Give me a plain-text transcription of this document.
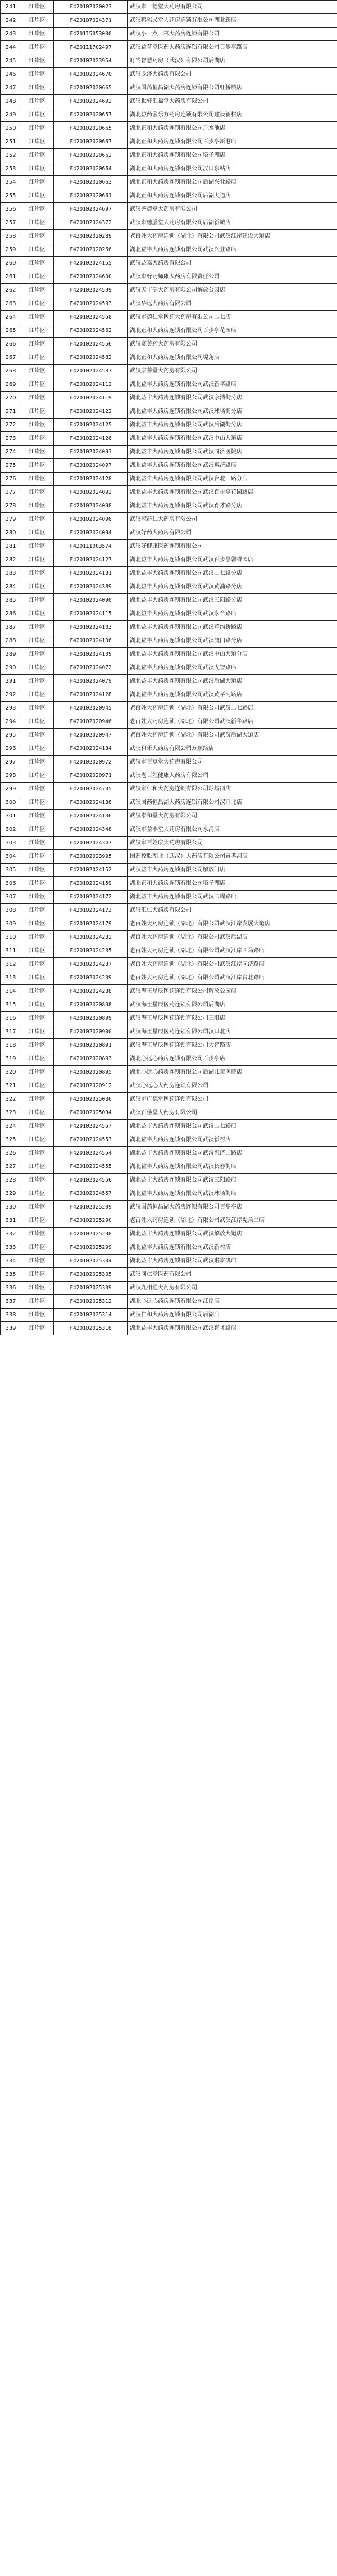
241	江岸区	F420102020023	武汉市一德堂大药房有限公司
242	江岸区	F420107024371	武汉鸭玛民堂大药房连锁有限公司湖北新店
243	江岸区	F420115053000	武汉小一点一林大药房连锁有限公司
244	江岸区	F420111702497	武汉益草堂医药大药房连锁有限公司百步亭路店
245	江岸区	F420102023954	叮当智慧药房（武汉）有限公司后湖店
246	江岸区	F420102024670	武汉龙泽大药房有限公司
247	江岸区	F420102020665	武汉国药恒昌湖大药房连锁有限公司红桥城店
248	江岸区	F420102024692	武汉世轩汇福堂大药房有限公司
249	江岸区	F420102020657	湖北益药金乐方药房连锁有限公司建设新村店
250	江岸区	F420102020665	湖北正和大药房连锁有限公司丹水池店
251	江岸区	F420102020667	湖北正和大药房连锁有限公司百步亭新港店
252	江岸区	F420102020662	湖北正和大药房连锁有限公司塔子湖店
253	江岸区	F420102020664	湖北正和大药房连锁有限公司汉口东站店
254	江岸区	F420102020663	湖北正和大药房连锁有限公司后湖兴业路店
255	江岸区	F420102020661	湖北正和大药房连锁有限公司后湖大道店
256	江岸区	F420102024697	武汉善德堂大药房有限公司
257	江岸区	F420102024372	武汉市德膳堂大药房有限公司后湖新城店
258	江岸区	F420102020289	老百姓大药房连锁（湖北）有限公司武汉江岸建设大道店
259	江岸区	F420102020266	湖北益丰大药房连锁有限公司武汉兴业路店
260	江岸区	F420102024155	武汉益嘉大药房有限公司
261	江岸区	F420102024600	武汉市好药师康大药房有限责任公司
262	江岸区	F420102024599	武汉天丰健大药房有限公司解放公园店
263	江岸区	F420102024593	武汉华远大药房有限公司
264	江岸区	F420102024558	武汉市德仁堂医药大药房有限公司二七店
265	江岸区	F420102024562	湖北正和大药房连锁有限公司百步亭花园店
266	江岸区	F420102024556	武汉赛美药大药房有限公司
267	江岸区	F420102024582	湖北正和大药房连锁有限公司堤角店
268	江岸区	F420102024583	武汉康善堂大药房有限公司
269	江岸区	F420102024112	湖北益丰大药房连锁有限公司武汉新华路店
270	江岸区	F420102024119	湖北益丰大药房连锁有限公司武汉永清街分店
271	江岸区	F420102024122	湖北益丰大药房连锁有限公司武汉球场街分店
272	江岸区	F420102024125	湖北益丰大药房连锁有限公司武汉后湖街分店
273	江岸区	F420102024126	湖北益丰大药房连锁有限公司武汉中山大道店
274	江岸区	F420102024093	湖北益丰大药房连锁有限公司武汉同济医院店
275	江岸区	F420102024097	湖北益丰大药房连锁有限公司武汉惠济路店
276	江岸区	F420102024128	湖北益丰大药房连锁有限公司武汉台北一路分店
277	江岸区	F420102024092	湖北益丰大药房连锁有限公司武汉百步亭花园路店
278	江岸区	F420102024098	湖北益丰大药房连锁有限公司武汉育才路分店
279	江岸区	F420102024096	武汉冠群仁大药房有限公司
280	江岸区	F420102024094	武汉好药大药房有限公司
281	江岸区	F420111003574	武汉好健康医药连锁有限公司
282	江岸区	F420102024127	湖北益丰大药房连锁有限公司武汉百步亭馨香园店
283	江岸区	F420102024131	湖北益丰大药房连锁有限公司武汉二七路分店
284	江岸区	F420102024389	湖北益丰大药房连锁有限公司武汉黄浦路分店
285	江岸区	F420102024090	湖北益丰大药房连锁有限公司武汉三阳路分店
286	江岸区	F420102024115	湖北益丰大药房连锁有限公司武汉永合路店
287	江岸区	F420102024103	湖北益丰大药房连锁有限公司武汉芦沟桥路店
288	江岸区	F420102024106	湖北益丰大药房连锁有限公司武汉澳门路分店
289	江岸区	F420102024109	湖北益丰大药房连锁有限公司武汉中山大道分店
290	江岸区	F420102024072	湖北益丰大药房连锁有限公司武汉大智路店
291	江岸区	F420102024079	湖北益丰大药房连锁有限公司武汉后湖大道店
292	江岸区	F420102024128	湖北益丰大药房连锁有限公司武汉黄孝河路店
293	江岸区	F420102020945	老百姓大药房连锁（湖北）有限公司武汉二七路店
294	江岸区	F420102020946	老百姓大药房连锁（湖北）有限公司武汉新华路店
295	江岸区	F420102020947	老百姓大药房连锁（湖北）有限公司武汉后湖大道店
296	江岸区	F420102024134	武汉和乐大药房有限公司万顺路店
297	江岸区	F420102020972	武汉市百草堂大药房有限公司
298	江岸区	F420102020971	武汉老百姓健康大药房有限公司
299	江岸区	F420102024705	武汉市仁和大药房连锁有限公司球场街店
300	江岸区	F420102024138	武汉国药恒昌湖大药房连锁有限公司汉口北店
301	江岸区	F420102024136	武汉泰和堂大药房有限公司
302	江岸区	F420102024348	武汉市益丰堂大药房有限公司永清店
303	江岸区	F420102024347	武汉市百姓康大药房有限公司
304	江岸区	F420102023995	国药控股湖北（武汉）大药房有限公司黄孝河店
305	江岸区	F420102024152	武汉益丰大药房连锁有限公司解放门店
306	江岸区	F420102024159	湖北正和大药房连锁有限公司塔子湖店
307	江岸区	F420102024172	湖北益丰大药房连锁有限公司武汉二曜路店
308	江岸区	F420102024173	武汉汇仁大药房有限公司
309	江岸区	F420102024179	老百姓大药房连锁（湖北）有限公司武汉江岸发展大道店
310	江岸区	F420102024232	老百姓大药房连锁（湖北）有限公司武汉后湖店
311	江岸区	F420102024235	老百姓大药房连锁（湖北）有限公司武汉江岸西马路店
312	江岸区	F420102024237	老百姓大药房连锁（湖北）有限公司武汉江岸同济路店
313	江岸区	F420102024239	老百姓大药房连锁（湖北）有限公司武汉江岸台北路店
314	江岸区	F420102024238	武汉海王星辰医药连锁有限公司解放公园店
315	江岸区	F420102020898	武汉海王星辰医药连锁有限公司后湖店
316	江岸区	F420102020899	武汉海王星辰医药连锁有限公司三阳店
317	江岸区	F420102020900	武汉海王星辰医药连锁有限公司汉口北店
318	江岸区	F420102020891	武汉海王星辰医药连锁有限公司大智路店
319	江岸区	F420102020893	湖北心远心药房连锁有限公司百步亭店
320	江岸区	F420102020895	湖北心远心药房连锁有限公司后湖儿童医院店
321	江岸区	F420102020912	武汉心远心大药房连锁有限公司
322	江岸区	F420102025036	武汉市广德堂医药连锁有限公司
323	江岸区	F420102025034	武汉百佳堂大药房有限公司
324	江岸区	F420102024557	湖北益丰大药房连锁有限公司武汉二七路店
325	江岸区	F420102024553	湖北益丰大药房连锁有限公司武汉新村店
326	江岸区	F420102024554	湖北益丰大药房连锁有限公司武汉惠济二路店
327	江岸区	F420102024555	湖北益丰大药房连锁有限公司武汉长春街店
328	江岸区	F420102024556	湖北益丰大药房连锁有限公司武汉三阳路店
329	江岸区	F420102024557	湖北益丰大药房连锁有限公司武汉球场街店
330	江岸区	F420102025209	武汉国药恒昌湖大药房连锁有限公司百步亭店
331	江岸区	F420102025290	老百姓大药房连锁（湖北）有限公司武汉江岸堤角二店
332	江岸区	F420102025298	湖北益丰大药房连锁有限公司武汉解放大道店
333	江岸区	F420102025299	湖北益丰大药房连锁有限公司武汉新村店
334	江岸区	F420102025304	湖北益丰大药房连锁有限公司武汉谌家矶店
335	江岸区	F420102025305	武汉同仁堂医药有限公司
336	江岸区	F420102025309	武汉九州通大药房有限公司
337	江岸区	F420102025312	湖北心远心药房连锁有限公司江岸店
338	江岸区	F420102025314	武汉仁和大药房连锁有限公司后湖店
339	江岸区	F420102025316	湖北益丰大药房连锁有限公司武汉育才路店
